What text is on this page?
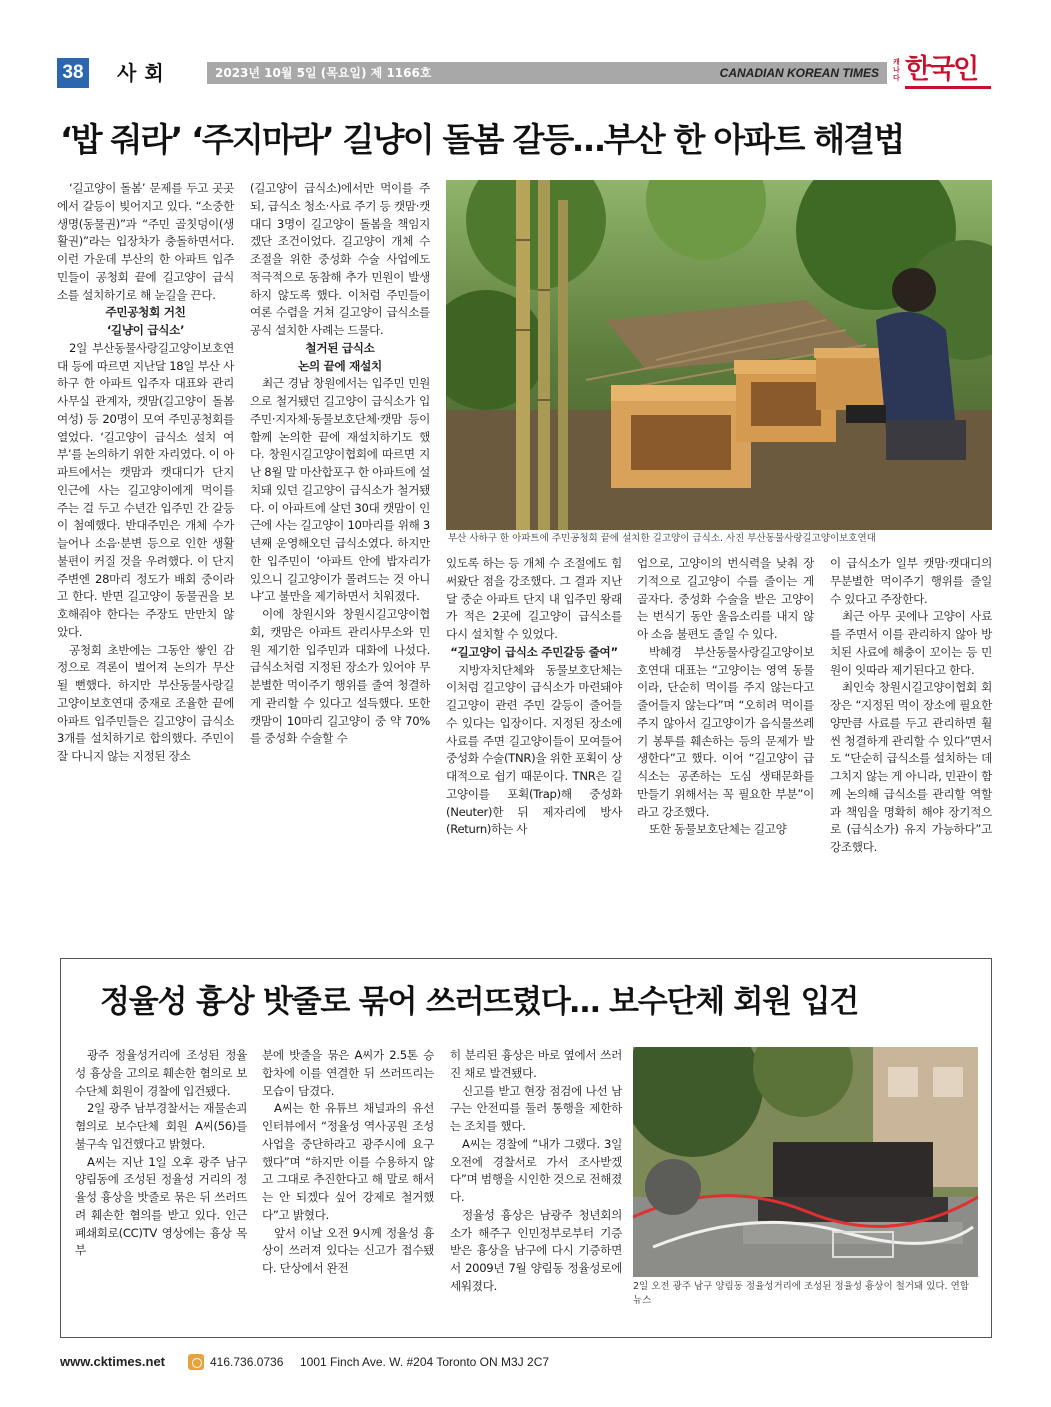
38 사회	2023년 10월 5일 (목요일) 제 1166호	CANADIAN KOREAN TIMES
캐나다 한국인
‘밥 줘라’ ‘주지마라’ 길냥이 돌봄 갈등…부산 한 아파트 해결법

‘길고양이 돌봄’ 문제를 두고 곳곳에서 갈등이 빚어지고 있다. “소중한 생명(동물권)”과 “주민 골칫덩이(생활권)”라는 입장차가 충돌하면서다. 이런 가운데 부산의 한 아파트 입주민들이 공청회 끝에 길고양이 급식소를 설치하기로 해 눈길을 끈다.

주민공청회 거친
‘길냥이 급식소’

2일 부산동물사랑길고양이보호연대 등에 따르면 지난달 18일 부산 사하구 한 아파트 입주자 대표와 관리사무실 관계자, 캣맘(길고양이 돌봄 여성) 등 20명이 모여 주민공청회를 열었다. ‘길고양이 급식소 설치 여부’를 논의하기 위한 자리였다. 이 아파트에서는 캣맘과 캣대디가 단지 인근에 사는 길고양이에게 먹이를 주는 걸 두고 수년간 입주민 간 갈등이 첨예했다. 반대주민은 개체 수가 늘어나 소음·분변 등으로 인한 생활 불편이 커질 것을 우려했다. 이 단지 주변엔 28마리 정도가 배회 중이라고 한다. 반면 길고양이 동물권을 보호해줘야 한다는 주장도 만만치 않았다.

공청회 초반에는 그동안 쌓인 감정으로 격론이 벌어져 논의가 무산될 뻔했다. 하지만 부산동물사랑길고양이보호연대 중재로 조율한 끝에 아파트 입주민들은 길고양이 급식소 3개를 설치하기로 합의했다. 주민이 잘 다니지 않는 지정된 장소

(길고양이 급식소)에서만 먹이를 주되, 급식소 청소·사료 주기 등 캣맘·캣대디 3명이 길고양이 돌봄을 책임지겠단 조건이었다. 길고양이 개체 수 조절을 위한 중성화 수술 사업에도 적극적으로 동참해 추가 민원이 발생하지 않도록 했다. 이처럼 주민들이 여론 수렴을 거쳐 길고양이 급식소를 공식 설치한 사례는 드물다.

철거된 급식소
논의 끝에 재설치

최근 경남 창원에서는 입주민 민원으로 철거됐던 길고양이 급식소가 입주민·지자체·동물보호단체·캣맘 등이 함께 논의한 끝에 재설치하기도 했다. 창원시길고양이협회에 따르면 지난 8월 말 마산합포구 한 아파트에 설치돼 있던 길고양이 급식소가 철거됐다. 이 아파트에 살던 30대 캣맘이 인근에 사는 길고양이 10마리를 위해 3년째 운영해오던 급식소였다. 하지만 한 입주민이 ‘아파트 안에 밥자리가 있으니 길고양이가 몰려드는 것 아니냐’고 불만을 제기하면서 치워졌다.

이에 창원시와 창원시길고양이협회, 캣맘은 아파트 관리사무소와 민원 제기한 입주민과 대화에 나섰다. 급식소처럼 지정된 장소가 있어야 무분별한 먹이주기 행위를 줄여 청결하게 관리할 수 있다고 설득했다. 또한 캣맘이 10마리 길고양이 중 약 70%를 중성화 수술할 수

부산 사하구 한 아파트에 주민공청회 끝에 설치한 길고양이 급식소. 사진 부산동물사랑길고양이보호연대

있도록 하는 등 개체 수 조절에도 힘써왔단 점을 강조했다. 그 결과 지난달 중순 아파트 단지 내 입주민 왕래가 적은 2곳에 길고양이 급식소를 다시 설치할 수 있었다.

“길고양이 급식소 주민갈등 줄여”

지방자치단체와 동물보호단체는 이처럼 길고양이 급식소가 마련돼야 길고양이 관련 주민 갈등이 줄어들 수 있다는 입장이다. 지정된 장소에 사료를 주면 길고양이들이 모여들어 중성화 수술(TNR)을 위한 포획이 상대적으로 쉽기 때문이다. TNR은 길고양이를 포획(Trap)해 중성화(Neuter)한 뒤 제자리에 방사(Return)하는 사

업으로, 고양이의 번식력을 낮춰 장기적으로 길고양이 수를 줄이는 게 골자다. 중성화 수술을 받은 고양이는 번식기 동안 울음소리를 내지 않아 소음 불편도 줄일 수 있다.

박혜경 부산동물사랑길고양이보호연대 대표는 “고양이는 영역 동물이라, 단순히 먹이를 주지 않는다고 줄어들지 않는다”며 “오히려 먹이를 주지 않아서 길고양이가 음식물쓰레기 봉투를 훼손하는 등의 문제가 발생한다”고 했다. 이어 “길고양이 급식소는 공존하는 도심 생태문화를 만들기 위해서는 꼭 필요한 부분”이라고 강조했다.

또한 동물보호단체는 길고양

이 급식소가 일부 캣맘·캣대디의 무분별한 먹이주기 행위를 줄일 수 있다고 주장한다.

최근 아무 곳에나 고양이 사료를 주면서 이를 관리하지 않아 방치된 사료에 해충이 꼬이는 등 민원이 잇따라 제기된다고 한다.

최인숙 창원시길고양이협회 회장은 “지정된 먹이 장소에 필요한 양만큼 사료를 두고 관리하면 훨씬 청결하게 관리할 수 있다”면서도 “단순히 급식소를 설치하는 데 그치지 않는 게 아니라, 민관이 함께 논의해 급식소를 관리할 역할과 책임을 명확히 해야 장기적으로 (급식소가) 유지 가능하다”고 강조했다.

정율성 흉상 밧줄로 묶어 쓰러뜨렸다… 보수단체 회원 입건

광주 정율성거리에 조성된 정율성 흉상을 고의로 훼손한 혐의로 보수단체 회원이 경찰에 입건됐다.

2일 광주 남부경찰서는 재물손괴 혐의로 보수단체 회원 A씨(56)를 불구속 입건했다고 밝혔다.

A씨는 지난 1일 오후 광주 남구 양림동에 조성된 정율성 거리의 정율성 흉상을 밧줄로 묶은 뒤 쓰러뜨려 훼손한 혐의를 받고 있다. 인근 폐쇄회로(CC)TV 영상에는 흉상 목 부

분에 밧줄을 묶은 A씨가 2.5톤 승합차에 이를 연결한 뒤 쓰러뜨리는 모습이 담겼다.

A씨는 한 유튜브 채널과의 유선 인터뷰에서 “정율성 역사공원 조성사업을 중단하라고 광주시에 요구했다”며 “하지만 이를 수용하지 않고 그대로 추진한다고 해 말로 해서는 안 되겠다 싶어 강제로 철거했다”고 밝혔다.

앞서 이날 오전 9시께 정율성 흉상이 쓰러져 있다는 신고가 접수됐다. 단상에서 완전

히 분리된 흉상은 바로 옆에서 쓰러진 채로 발견됐다.

신고를 받고 현장 점검에 나선 남구는 안전띠를 둘러 통행을 제한하는 조치를 했다.

A씨는 경찰에 “내가 그랬다. 3일 오전에 경찰서로 가서 조사받겠다”며 범행을 시인한 것으로 전해졌다.

정율성 흉상은 남광주 청년회의소가 해주구 인민정부로부터 기증받은 흉상을 남구에 다시 기증하면서 2009년 7월 양림동 정율성로에 세워졌다.	2일 오전 광주 남구 양림동 정율성거리에 조성된 정율성 흉상이 철거돼 있다. 연합뉴스
www.cktimes.net	416.736.0736 1001 Finch Ave. W. #204 Toronto ON M3J 2C7
